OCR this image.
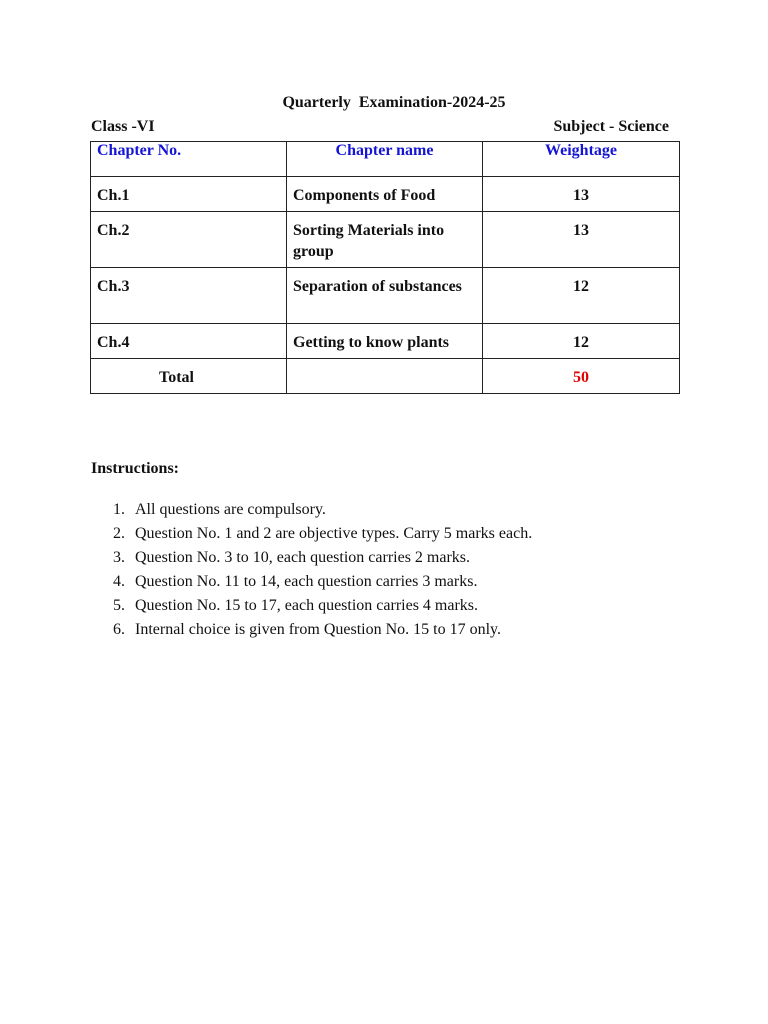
Quarterly  Examination-2024-25
Class -VI	Subject - Science
Chapter No.	Chapter name	Weightage
Ch.1	Components of Food	13
Ch.2	Sorting Materials into group	13
Ch.3	Separation of substances	12
Ch.4	Getting to know plants	12
Total		50
Instructions:
1. All questions are compulsory.
2. Question No. 1 and 2 are objective types. Carry 5 marks each.
3. Question No. 3 to 10, each question carries 2 marks.
4. Question No. 11 to 14, each question carries 3 marks.
5. Question No. 15 to 17, each question carries 4 marks.
6. Internal choice is given from Question No. 15 to 17 only.
